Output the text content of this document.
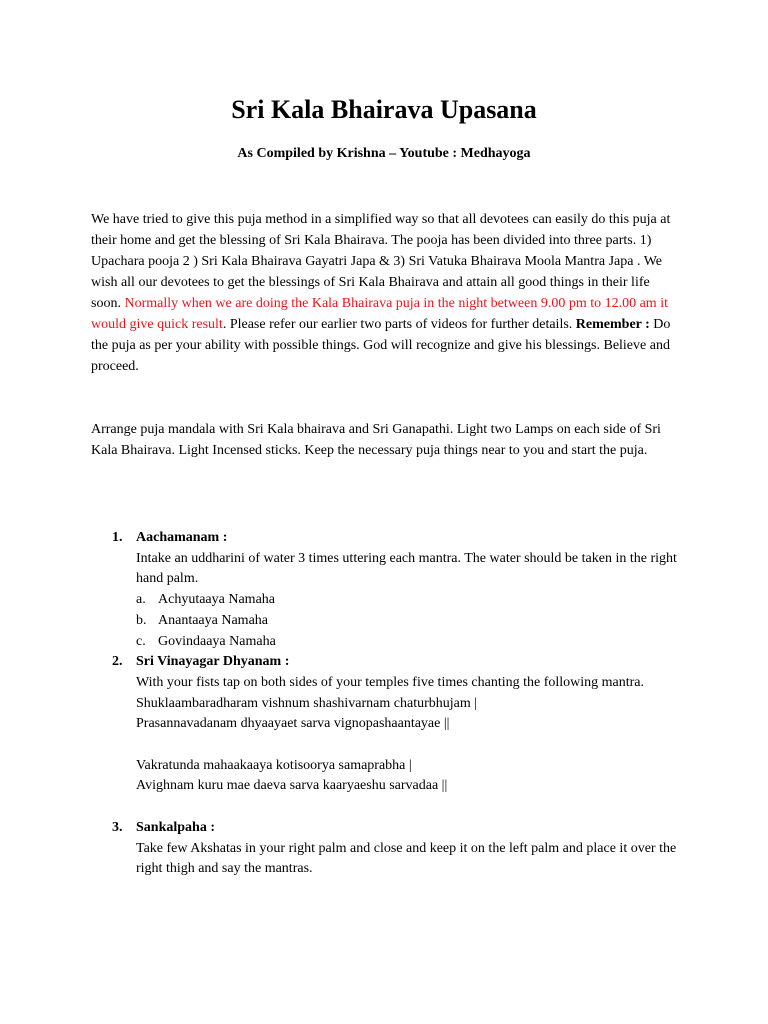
Sri Kala Bhairava Upasana
As Compiled by Krishna – Youtube : Medhayoga
We have tried to give this puja method in a simplified way so that all devotees can easily do this puja at their home and get the blessing of Sri Kala Bhairava. The pooja has been divided into three parts. 1) Upachara pooja 2 ) Sri Kala Bhairava Gayatri Japa & 3) Sri Vatuka Bhairava Moola Mantra Japa . We wish all our devotees to get the blessings of Sri Kala Bhairava and attain all good things in their life soon. Normally when we are doing the Kala Bhairava puja in the night between 9.00 pm to 12.00 am it would give quick result. Please refer our earlier two parts of videos for further details. Remember : Do the puja as per your ability with possible things. God will recognize and give his blessings. Believe and proceed.
Arrange puja mandala with Sri Kala bhairava and Sri Ganapathi. Light two Lamps on each side of Sri Kala Bhairava. Light Incensed sticks. Keep the necessary puja things near to you and start the puja.
1. Aachamanam :
Intake an uddharini of water 3 times uttering each mantra. The water should be taken in the right hand palm.
a. Achyutaaya Namaha
b. Anantaaya Namaha
c. Govindaaya Namaha
2. Sri Vinayagar Dhyanam :
With your fists tap on both sides of your temples five times chanting the following mantra.
Shuklaambaradharam vishnum shashivarnam chaturbhujam |
Prasannavadanam dhyaayaet sarva vignopashaantayae ||
Vakratunda mahaakaaya kotisoorya samaprabha |
Avighnam kuru mae daeva sarva kaaryaeshu sarvadaa ||
3. Sankalpaha :
Take few Akshatas in your right palm and close and keep it on the left palm and place it over the right thigh and say the mantras.
